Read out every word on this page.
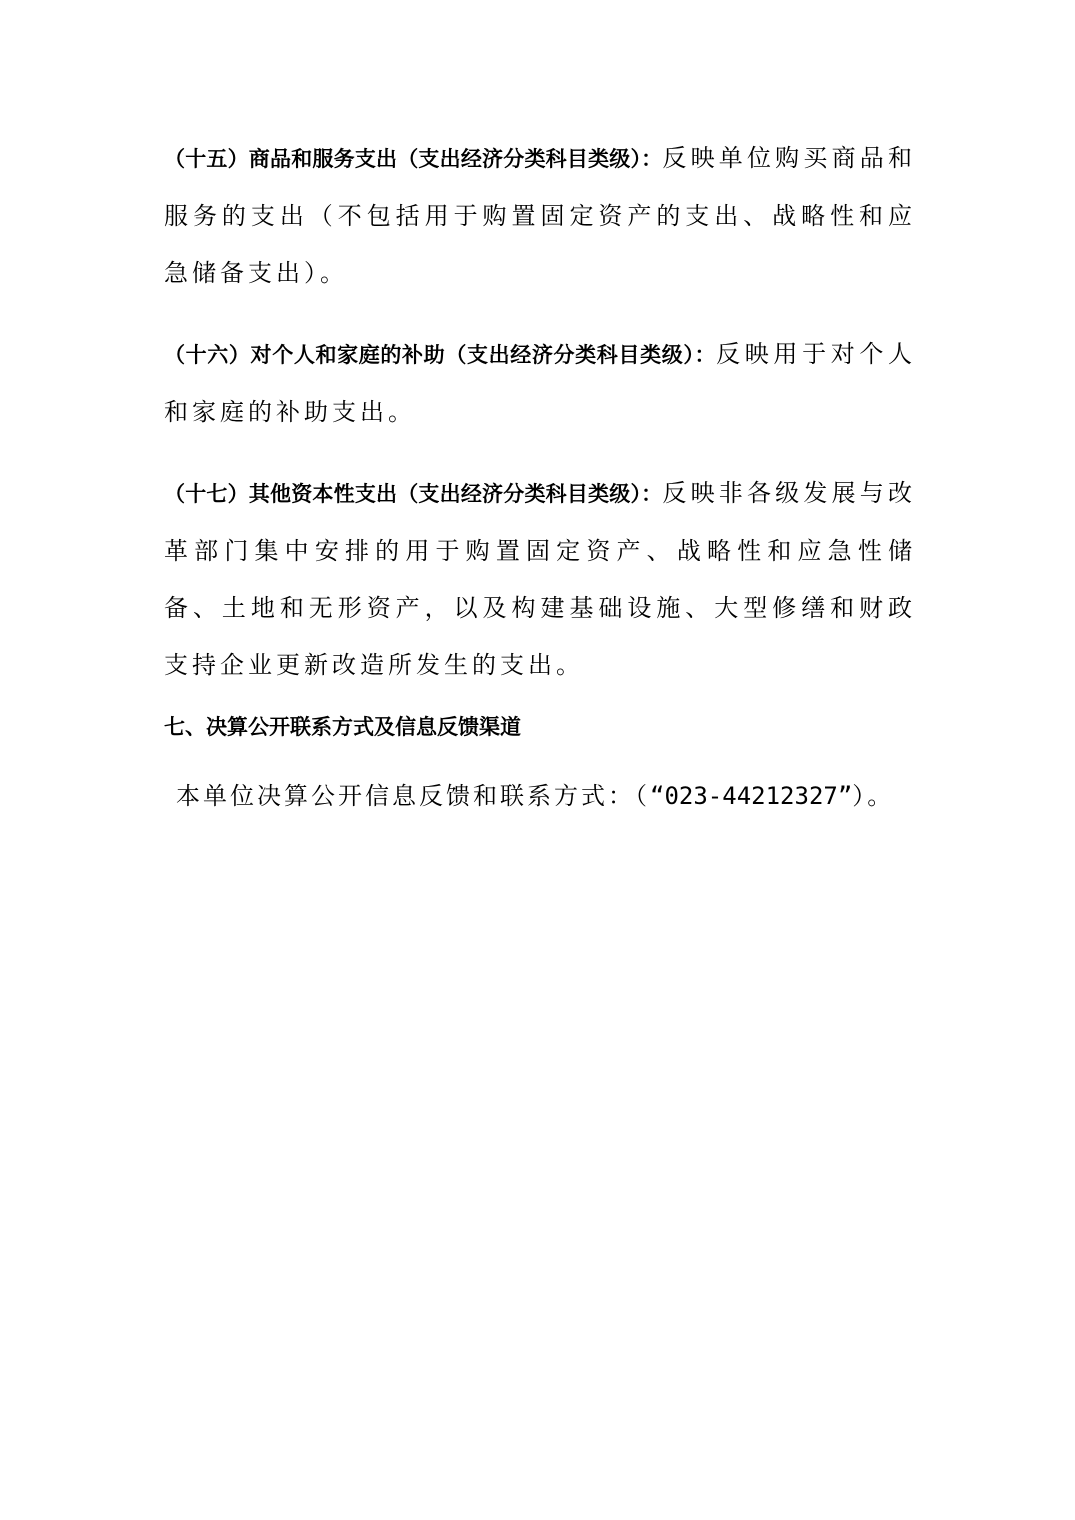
（十五）商品和服务支出（支出经济分类科目类级）：反映单位购买商品和服务的支出（不包括用于购置固定资产的支出、战略性和应急储备支出）。

（十六）对个人和家庭的补助（支出经济分类科目类级）：反映用于对个人和家庭的补助支出。

（十七）其他资本性支出（支出经济分类科目类级）：反映非各级发展与改革部门集中安排的用于购置固定资产、战略性和应急性储备、土地和无形资产，以及构建基础设施、大型修缮和财政支持企业更新改造所发生的支出。

七、决算公开联系方式及信息反馈渠道

本单位决算公开信息反馈和联系方式：（“023-44212327”）。
